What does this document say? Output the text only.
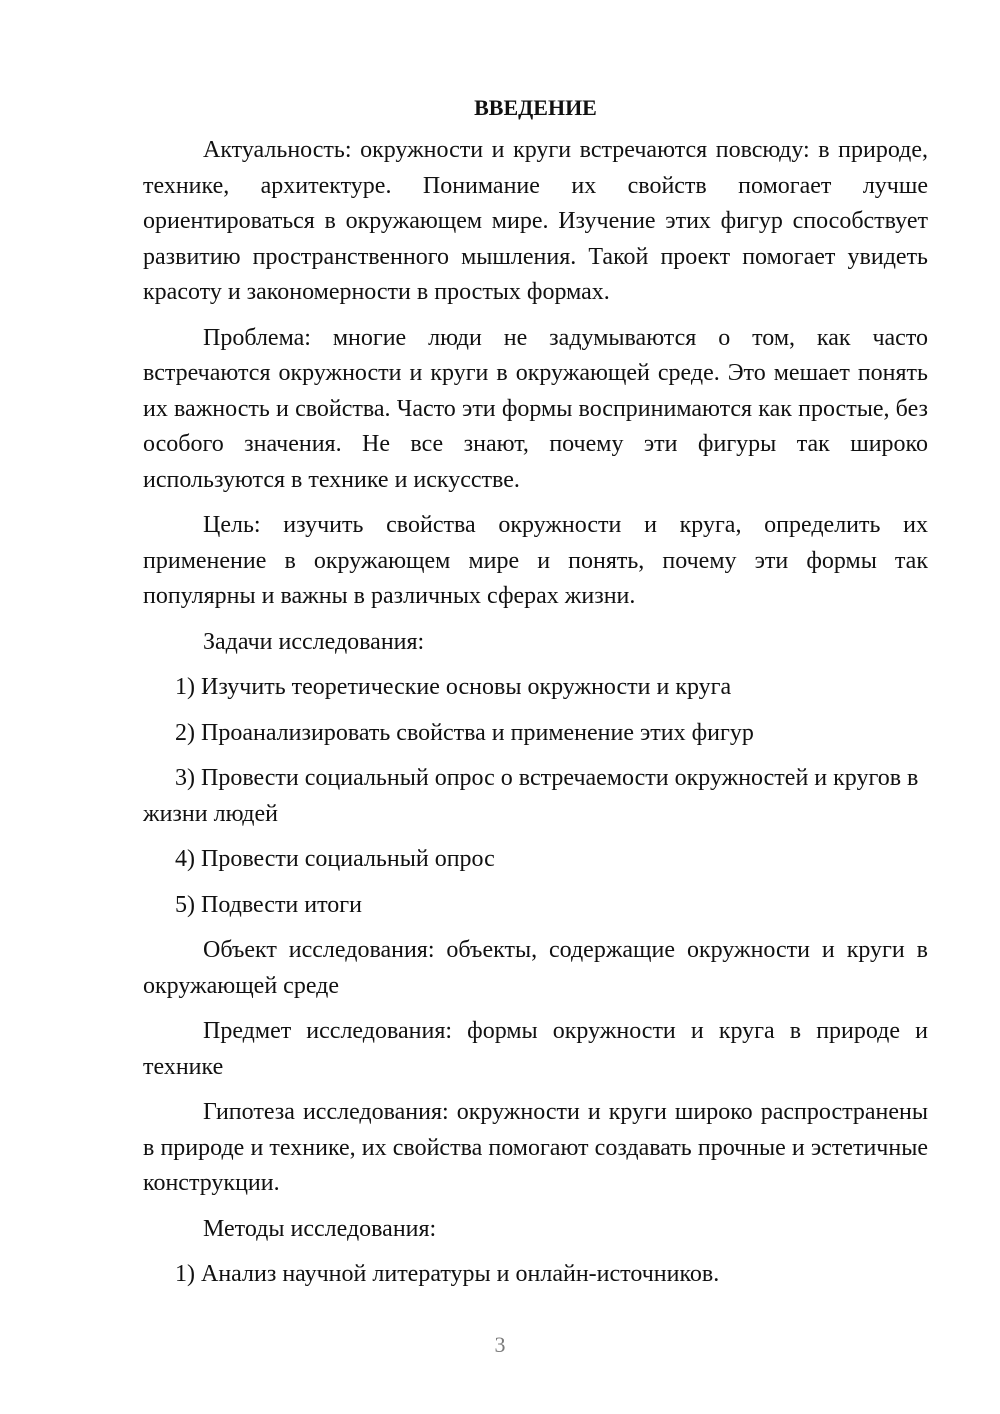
ВВЕДЕНИЕ

Актуальность: окружности и круги встречаются повсюду: в природе, технике, архитектуре. Понимание их свойств помогает лучше ориентироваться в окружающем мире. Изучение этих фигур способствует развитию пространственного мышления. Такой проект помогает увидеть красоту и закономерности в простых формах.

Проблема: многие люди не задумываются о том, как часто встречаются окружности и круги в окружающей среде. Это мешает понять их важность и свойства. Часто эти формы воспринимаются как простые, без особого значения. Не все знают, почему эти фигуры так широко используются в технике и искусстве.

Цель: изучить свойства окружности и круга, определить их применение в окружающем мире и понять, почему эти формы так популярны и важны в различных сферах жизни.

Задачи исследования:

1) Изучить теоретические основы окружности и круга

2) Проанализировать свойства и применение этих фигур

3) Провести социальный опрос о встречаемости окружностей и кругов в жизни людей

4) Провести социальный опрос

5) Подвести итоги

Объект исследования: объекты, содержащие окружности и круги в окружающей среде

Предмет исследования: формы окружности и круга в природе и технике

Гипотеза исследования: окружности и круги широко распространены в природе и технике, их свойства помогают создавать прочные и эстетичные конструкции.

Методы исследования:

1) Анализ научной литературы и онлайн-источников.

3
